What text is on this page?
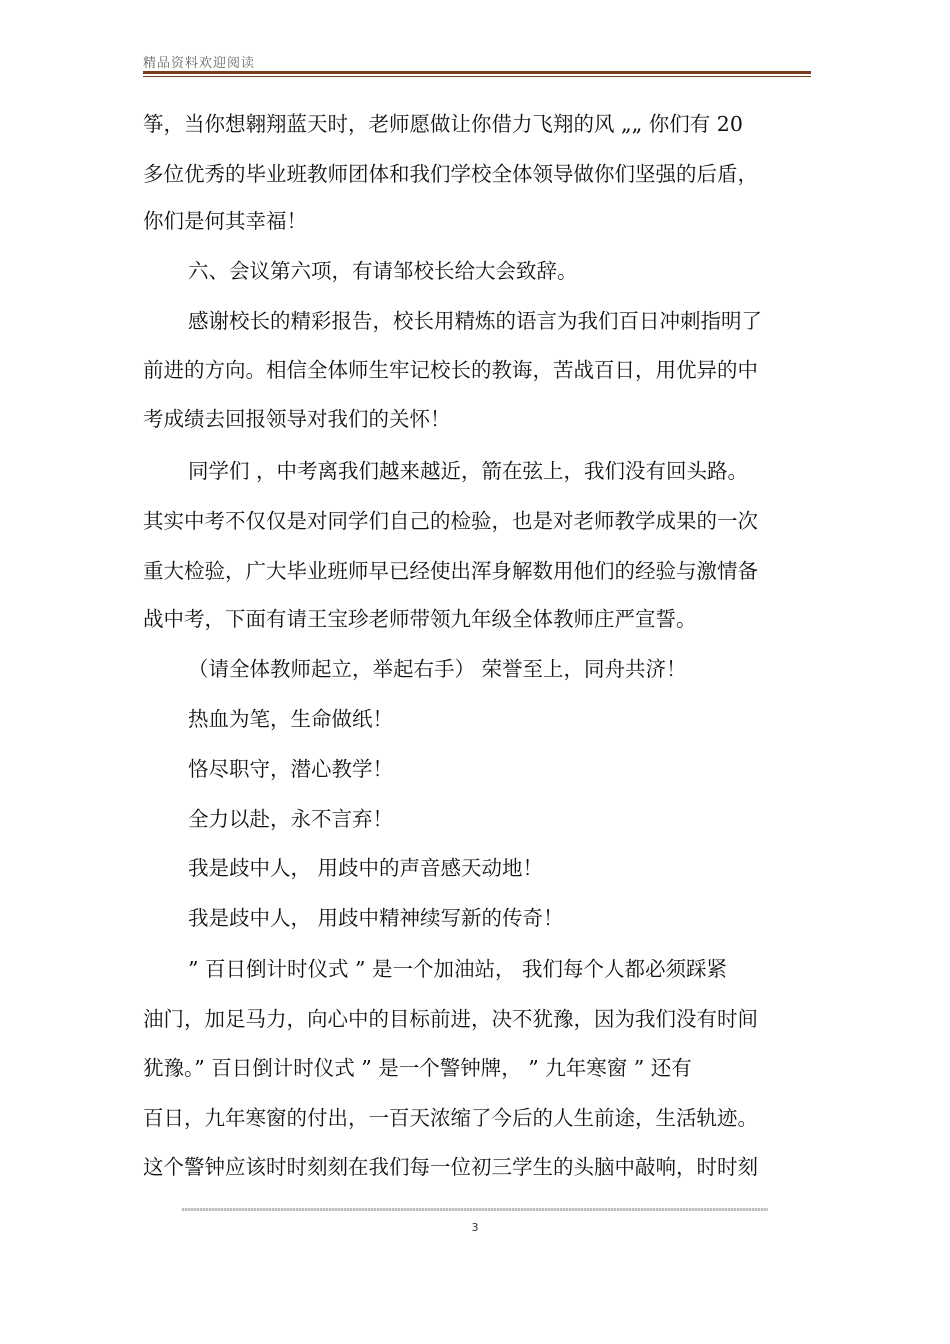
精品资料欢迎阅读
筝，当你想翱翔蓝天时，老师愿做让你借力飞翔的风 „„ 你们有 20
多位优秀的毕业班教师团体和我们学校全体领导做你们坚强的后盾，
你们是何其幸福！
六、会议第六项，有请邹校长给大会致辞。
感谢校长的精彩报告，校长用精炼的语言为我们百日冲刺指明了
前进的方向。相信全体师生牢记校长的教诲，苦战百日，用优异的中
考成绩去回报领导对我们的关怀！
同学们 ，中考离我们越来越近，箭在弦上，我们没有回头路。
其实中考不仅仅是对同学们自己的检验，也是对老师教学成果的一次
重大检验，广大毕业班师早已经使出浑身解数用他们的经验与激情备
战中考，下面有请王宝珍老师带领九年级全体教师庄严宣誓。
（请全体教师起立，举起右手） 荣誉至上，同舟共济！
热血为笔，生命做纸！
恪尽职守，潜心教学！
全力以赴，永不言弃！
我是歧中人， 用歧中的声音感天动地！
我是歧中人， 用歧中精神续写新的传奇！
” 百日倒计时仪式 ” 是一个加油站， 我们每个人都必须踩紧
油门，加足马力，向心中的目标前进，决不犹豫，因为我们没有时间
犹豫。” 百日倒计时仪式 ” 是一个警钟牌， ” 九年寒窗 ” 还有
百日，九年寒窗的付出，一百天浓缩了今后的人生前途，生活轨迹。
这个警钟应该时时刻刻在我们每一位初三学生的头脑中敲响，时时刻
3
